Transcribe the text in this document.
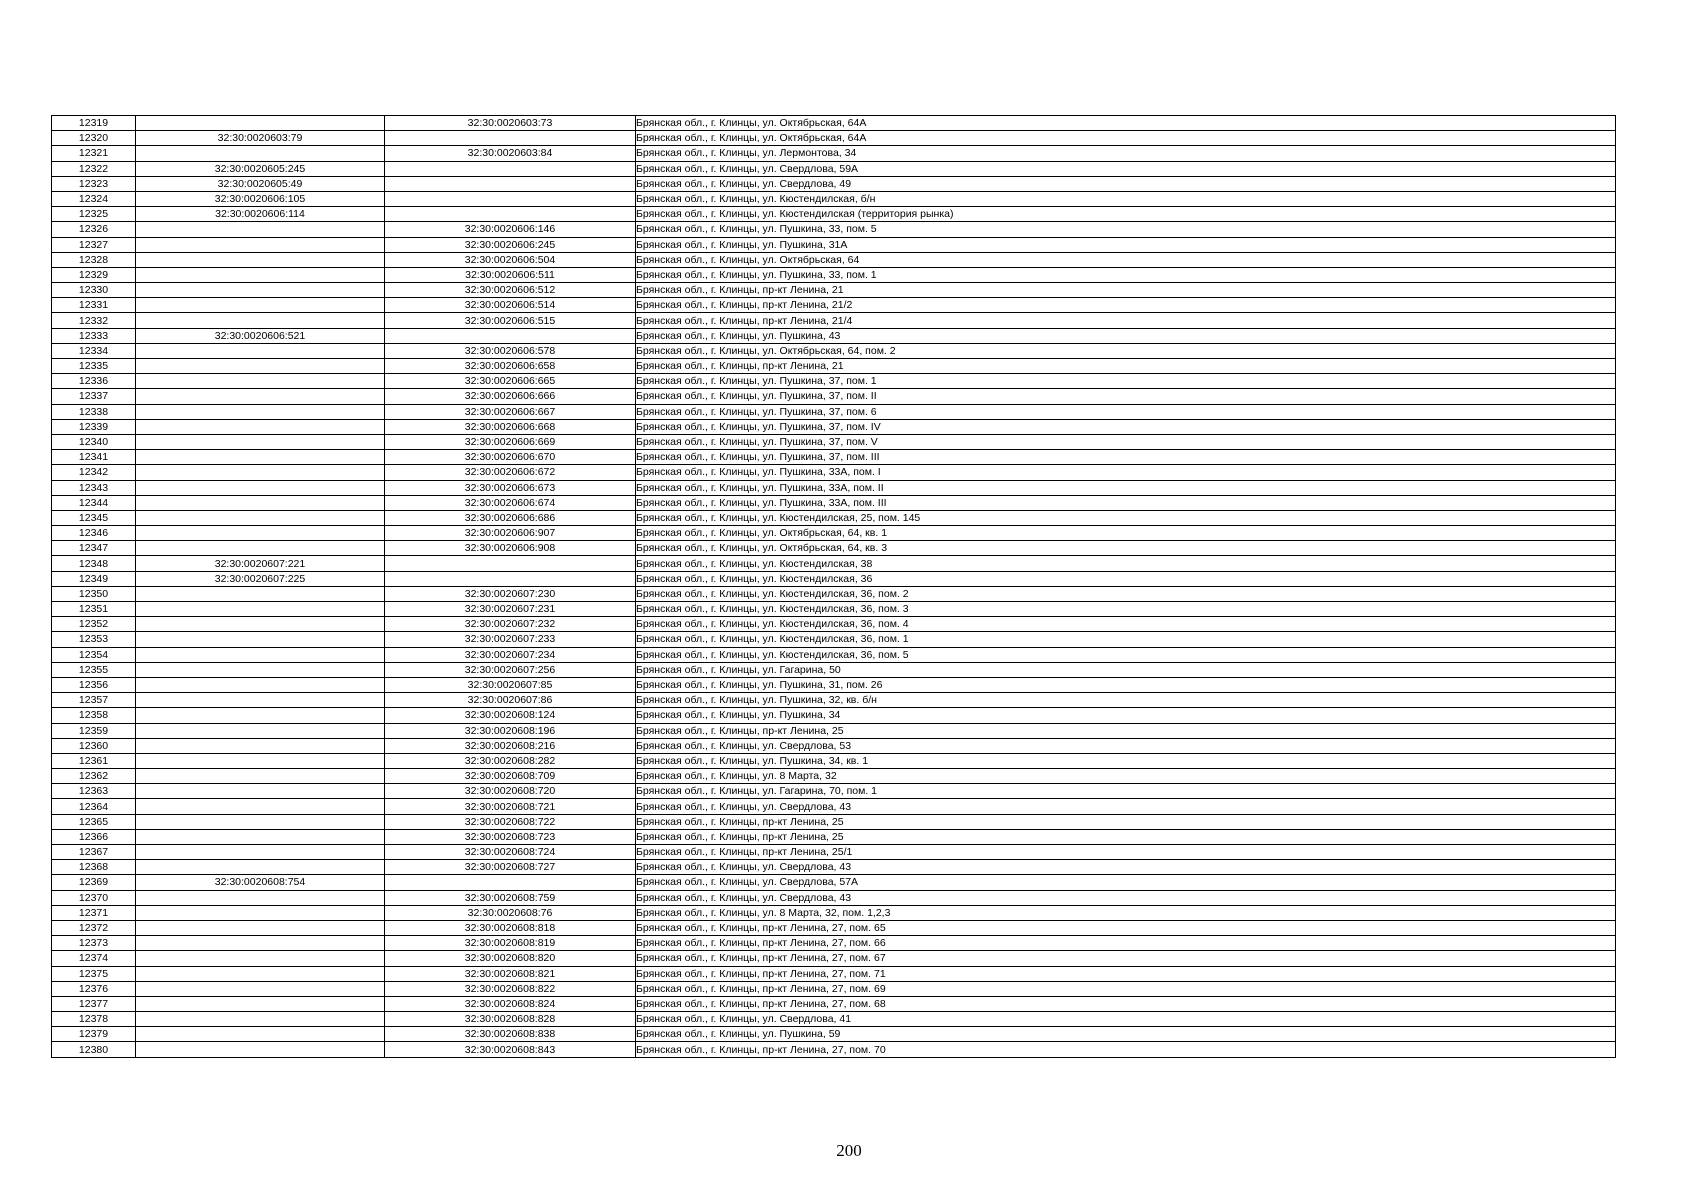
12319		32:30:0020603:73	Брянская обл., г. Клинцы, ул. Октябрьская, 64А
12320	32:30:0020603:79		Брянская обл., г. Клинцы, ул. Октябрьская, 64А
12321		32:30:0020603:84	Брянская обл., г. Клинцы, ул. Лермонтова, 34
12322	32:30:0020605:245		Брянская обл., г. Клинцы, ул. Свердлова, 59А
12323	32:30:0020605:49		Брянская обл., г. Клинцы, ул. Свердлова, 49
12324	32:30:0020606:105		Брянская обл., г. Клинцы, ул. Кюстендилская, б/н
12325	32:30:0020606:114		Брянская обл., г. Клинцы, ул. Кюстендилская (территория рынка)
12326		32:30:0020606:146	Брянская обл., г. Клинцы, ул. Пушкина, 33, пом. 5
12327		32:30:0020606:245	Брянская обл., г. Клинцы, ул. Пушкина, 31А
12328		32:30:0020606:504	Брянская обл., г. Клинцы, ул. Октябрьская, 64
12329		32:30:0020606:511	Брянская обл., г. Клинцы, ул. Пушкина, 33, пом. 1
12330		32:30:0020606:512	Брянская обл., г. Клинцы, пр-кт Ленина, 21
12331		32:30:0020606:514	Брянская обл., г. Клинцы, пр-кт Ленина, 21/2
12332		32:30:0020606:515	Брянская обл., г. Клинцы, пр-кт Ленина, 21/4
12333	32:30:0020606:521		Брянская обл., г. Клинцы, ул. Пушкина, 43
12334		32:30:0020606:578	Брянская обл., г. Клинцы, ул. Октябрьская, 64, пом. 2
12335		32:30:0020606:658	Брянская обл., г. Клинцы, пр-кт Ленина, 21
12336		32:30:0020606:665	Брянская обл., г. Клинцы, ул. Пушкина, 37, пом. 1
12337		32:30:0020606:666	Брянская обл., г. Клинцы, ул. Пушкина, 37, пом. II
12338		32:30:0020606:667	Брянская обл., г. Клинцы, ул. Пушкина, 37, пом. 6
12339		32:30:0020606:668	Брянская обл., г. Клинцы, ул. Пушкина, 37, пом. IV
12340		32:30:0020606:669	Брянская обл., г. Клинцы, ул. Пушкина, 37, пом. V
12341		32:30:0020606:670	Брянская обл., г. Клинцы, ул. Пушкина, 37, пом. III
12342		32:30:0020606:672	Брянская обл., г. Клинцы, ул. Пушкина, 33А, пом. I
12343		32:30:0020606:673	Брянская обл., г. Клинцы, ул. Пушкина, 33А, пом. II
12344		32:30:0020606:674	Брянская обл., г. Клинцы, ул. Пушкина, 33А, пом. III
12345		32:30:0020606:686	Брянская обл., г. Клинцы, ул. Кюстендилская, 25, пом. 145
12346		32:30:0020606:907	Брянская обл., г. Клинцы, ул. Октябрьская, 64, кв. 1
12347		32:30:0020606:908	Брянская обл., г. Клинцы, ул. Октябрьская, 64, кв. 3
12348	32:30:0020607:221		Брянская обл., г. Клинцы, ул. Кюстендилская, 38
12349	32:30:0020607:225		Брянская обл., г. Клинцы, ул. Кюстендилская, 36
12350		32:30:0020607:230	Брянская обл., г. Клинцы, ул. Кюстендилская, 36, пом. 2
12351		32:30:0020607:231	Брянская обл., г. Клинцы, ул. Кюстендилская, 36, пом. 3
12352		32:30:0020607:232	Брянская обл., г. Клинцы, ул. Кюстендилская, 36, пом. 4
12353		32:30:0020607:233	Брянская обл., г. Клинцы, ул. Кюстендилская, 36, пом. 1
12354		32:30:0020607:234	Брянская обл., г. Клинцы, ул. Кюстендилская, 36, пом. 5
12355		32:30:0020607:256	Брянская обл., г. Клинцы, ул. Гагарина, 50
12356		32:30:0020607:85	Брянская обл., г. Клинцы, ул. Пушкина, 31, пом. 26
12357		32:30:0020607:86	Брянская обл., г. Клинцы, ул. Пушкина, 32, кв. б/н
12358		32:30:0020608:124	Брянская обл., г. Клинцы, ул. Пушкина, 34
12359		32:30:0020608:196	Брянская обл., г. Клинцы, пр-кт Ленина, 25
12360		32:30:0020608:216	Брянская обл., г. Клинцы, ул. Свердлова, 53
12361		32:30:0020608:282	Брянская обл., г. Клинцы, ул. Пушкина, 34, кв. 1
12362		32:30:0020608:709	Брянская обл., г. Клинцы, ул. 8 Марта, 32
12363		32:30:0020608:720	Брянская обл., г. Клинцы, ул. Гагарина, 70, пом. 1
12364		32:30:0020608:721	Брянская обл., г. Клинцы, ул. Свердлова, 43
12365		32:30:0020608:722	Брянская обл., г. Клинцы, пр-кт Ленина, 25
12366		32:30:0020608:723	Брянская обл., г. Клинцы, пр-кт Ленина, 25
12367		32:30:0020608:724	Брянская обл., г. Клинцы, пр-кт Ленина, 25/1
12368		32:30:0020608:727	Брянская обл., г. Клинцы, ул. Свердлова, 43
12369	32:30:0020608:754		Брянская обл., г. Клинцы, ул. Свердлова, 57А
12370		32:30:0020608:759	Брянская обл., г. Клинцы, ул. Свердлова, 43
12371		32:30:0020608:76	Брянская обл., г. Клинцы, ул. 8 Марта, 32, пом. 1,2,3
12372		32:30:0020608:818	Брянская обл., г. Клинцы, пр-кт Ленина, 27, пом. 65
12373		32:30:0020608:819	Брянская обл., г. Клинцы, пр-кт Ленина, 27, пом. 66
12374		32:30:0020608:820	Брянская обл., г. Клинцы, пр-кт Ленина, 27, пом. 67
12375		32:30:0020608:821	Брянская обл., г. Клинцы, пр-кт Ленина, 27, пом. 71
12376		32:30:0020608:822	Брянская обл., г. Клинцы, пр-кт Ленина, 27, пом. 69
12377		32:30:0020608:824	Брянская обл., г. Клинцы, пр-кт Ленина, 27, пом. 68
12378		32:30:0020608:828	Брянская обл., г. Клинцы, ул. Свердлова, 41
12379		32:30:0020608:838	Брянская обл., г. Клинцы, ул. Пушкина, 59
12380		32:30:0020608:843	Брянская обл., г. Клинцы, пр-кт Ленина, 27, пом. 70
200
